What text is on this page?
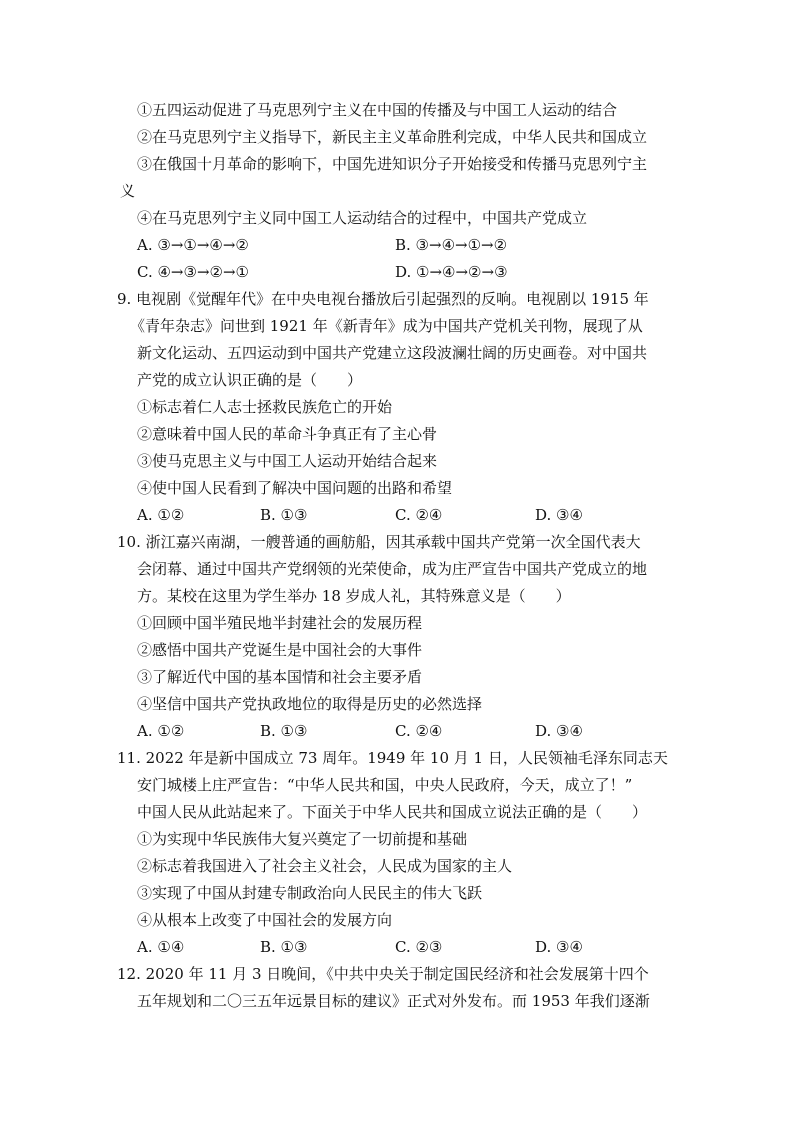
①五四运动促进了马克思列宁主义在中国的传播及与中国工人运动的结合
②在马克思列宁主义指导下，新民主主义革命胜利完成，中华人民共和国成立
③在俄国十月革命的影响下，中国先进知识分子开始接受和传播马克思列宁主
义
④在马克思列宁主义同中国工人运动结合的过程中，中国共产党成立
A. ③→①→④→②	B. ③→④→①→②
C. ④→③→②→①	D. ①→④→②→③
9. 电视剧《觉醒年代》在中央电视台播放后引起强烈的反响。电视剧以 1915 年
《青年杂志》问世到 1921 年《新青年》成为中国共产党机关刊物，展现了从
新文化运动、五四运动到中国共产党建立这段波澜壮阔的历史画卷。对中国共
产党的成立认识正确的是（　　）
①标志着仁人志士拯救民族危亡的开始
②意味着中国人民的革命斗争真正有了主心骨
③使马克思主义与中国工人运动开始结合起来
④使中国人民看到了解决中国问题的出路和希望
A. ①②	B. ①③	C. ②④	D. ③④
10. 浙江嘉兴南湖，一艘普通的画舫船，因其承载中国共产党第一次全国代表大
会闭幕、通过中国共产党纲领的光荣使命，成为庄严宣告中国共产党成立的地
方。某校在这里为学生举办 18 岁成人礼，其特殊意义是（　　）
①回顾中国半殖民地半封建社会的发展历程
②感悟中国共产党诞生是中国社会的大事件
③了解近代中国的基本国情和社会主要矛盾
④坚信中国共产党执政地位的取得是历史的必然选择
A. ①②	B. ①③	C. ②④	D. ③④
11. 2022 年是新中国成立 73 周年。1949 年 10 月 1 日，人民领袖毛泽东同志天
安门城楼上庄严宣告：“中华人民共和国，中央人民政府，今天，成立了！”
中国人民从此站起来了。下面关于中华人民共和国成立说法正确的是（　　）
①为实现中华民族伟大复兴奠定了一切前提和基础
②标志着我国进入了社会主义社会，人民成为国家的主人
③实现了中国从封建专制政治向人民民主的伟大飞跃
④从根本上改变了中国社会的发展方向
A. ①④	B. ①③	C. ②③	D. ③④
12. 2020 年 11 月 3 日晚间，《中共中央关于制定国民经济和社会发展第十四个
五年规划和二〇三五年远景目标的建议》正式对外发布。而 1953 年我们逐渐
